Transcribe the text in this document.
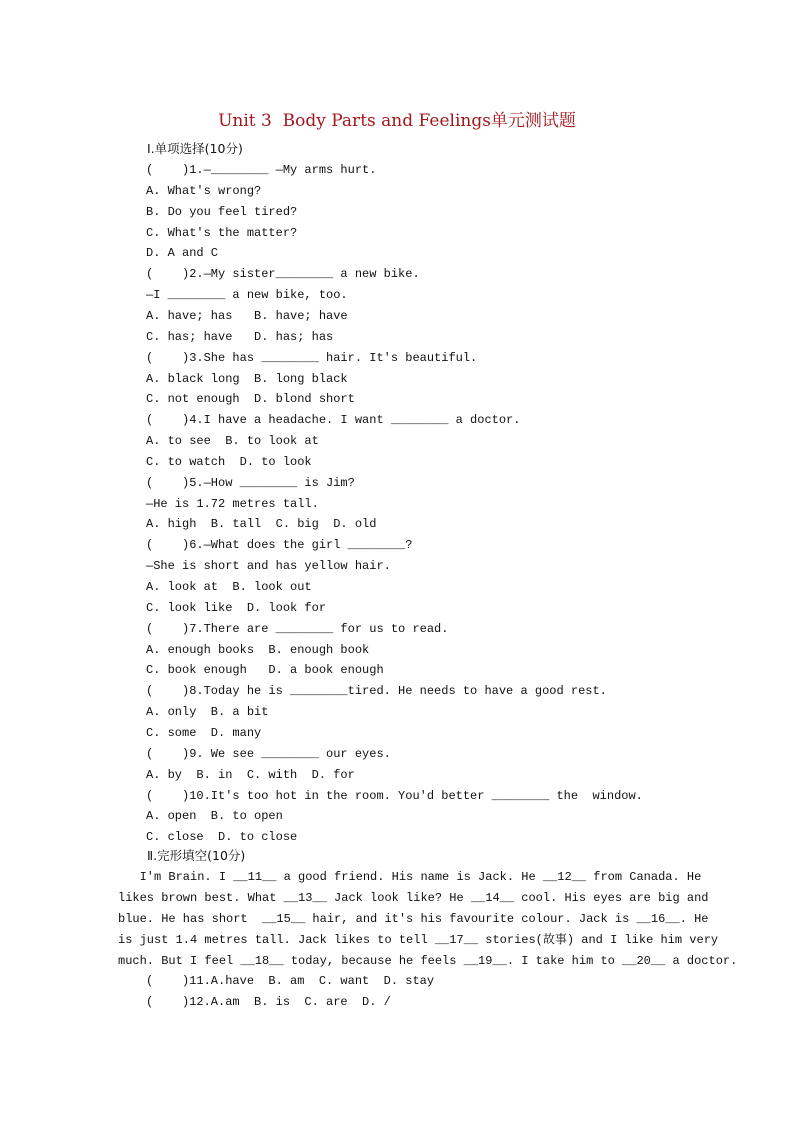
Unit 3  Body Parts and Feelings单元测试题
Ⅰ.单项选择(10分)
(    )1.—________ —My arms hurt.
A. What's wrong?
B. Do you feel tired?
C. What's the matter?
D. A and C
(    )2.—My sister________ a new bike.
—I ________ a new bike, too.
A. have; has   B. have; have
C. has; have   D. has; has
(    )3.She has ________ hair. It's beautiful.
A. black long  B. long black
C. not enough  D. blond short
(    )4.I have a headache. I want ________ a doctor.
A. to see  B. to look at
C. to watch  D. to look
(    )5.—How ________ is Jim?
—He is 1.72 metres tall.
A. high  B. tall  C. big  D. old
(    )6.—What does the girl ________?
—She is short and has yellow hair.
A. look at  B. look out
C. look like  D. look for
(    )7.There are ________ for us to read.
A. enough books  B. enough book
C. book enough   D. a book enough
(    )8.Today he is ________tired. He needs to have a good rest.
A. only  B. a bit
C. some  D. many
(    )9. We see ________ our eyes.
A. by  B. in  C. with  D. for
(    )10.It's too hot in the room. You'd better ________ the  window.
A. open  B. to open
C. close  D. to close
Ⅱ.完形填空(10分)
I'm Brain. I __11__ a good friend. His name is Jack. He __12__ from Canada. He
likes brown best. What __13__ Jack look like? He __14__ cool. His eyes are big and
blue. He has short  __15__ hair, and it's his favourite colour. Jack is __16__. He
is just 1.4 metres tall. Jack likes to tell __17__ stories(故事) and I like him very
much. But I feel __18__ today, because he feels __19__. I take him to __20__ a doctor.
(    )11.A.have  B. am  C. want  D. stay
(    )12.A.am  B. is  C. are  D. /
